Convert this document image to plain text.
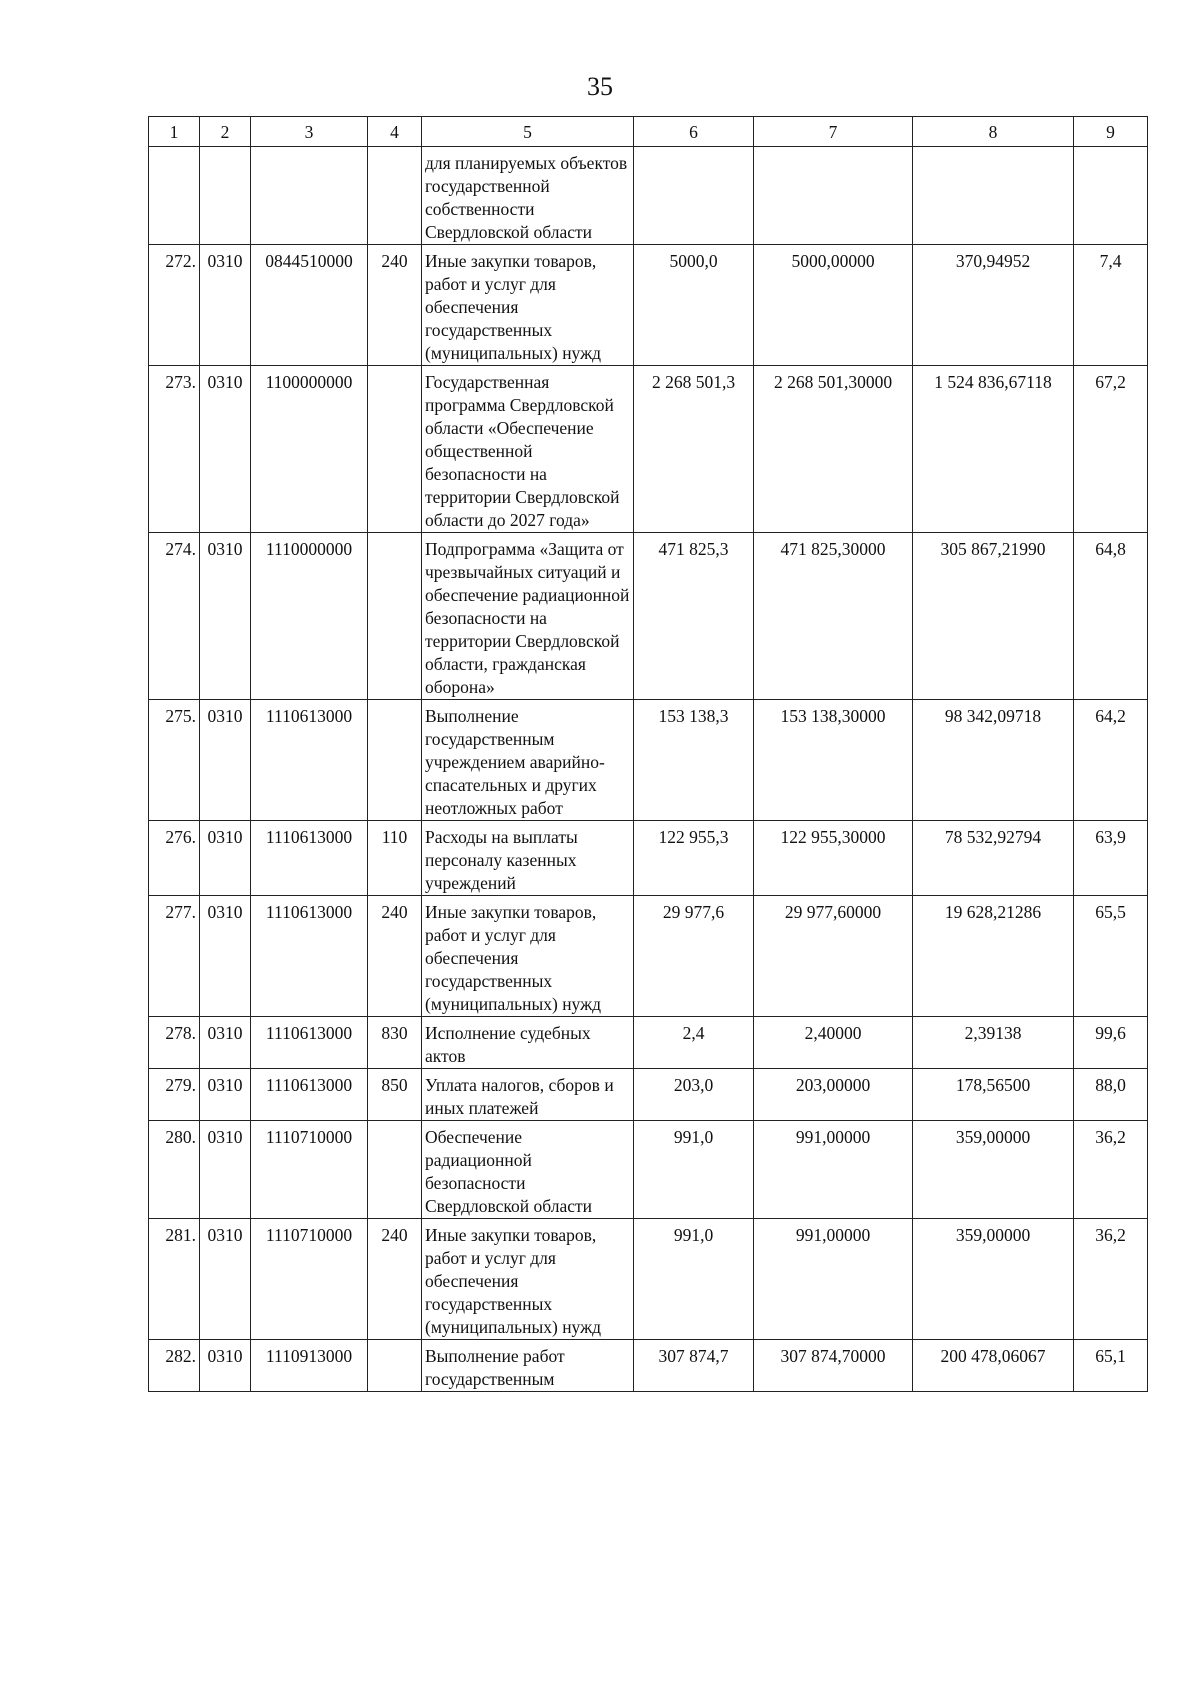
35
1	2	3	4	5	6	7	8	9
				для планируемых объектов государственной собственности Свердловской области				
272.	0310	0844510000	240	Иные закупки товаров, работ и услуг для обеспечения государственных (муниципальных) нужд	5000,0	5000,00000	370,94952	7,4
273.	0310	1100000000		Государственная программа Свердловской области «Обеспечение общественной безопасности на территории Свердловской области до 2027 года»	2 268 501,3	2 268 501,30000	1 524 836,67118	67,2
274.	0310	1110000000		Подпрограмма «Защита от чрезвычайных ситуаций и обеспечение радиационной безопасности на территории Свердловской области, гражданская оборона»	471 825,3	471 825,30000	305 867,21990	64,8
275.	0310	1110613000		Выполнение государственным учреждением аварийно-спасательных и других неотложных работ	153 138,3	153 138,30000	98 342,09718	64,2
276.	0310	1110613000	110	Расходы на выплаты персоналу казенных учреждений	122 955,3	122 955,30000	78 532,92794	63,9
277.	0310	1110613000	240	Иные закупки товаров, работ и услуг для обеспечения государственных (муниципальных) нужд	29 977,6	29 977,60000	19 628,21286	65,5
278.	0310	1110613000	830	Исполнение судебных актов	2,4	2,40000	2,39138	99,6
279.	0310	1110613000	850	Уплата налогов, сборов и иных платежей	203,0	203,00000	178,56500	88,0
280.	0310	1110710000		Обеспечение радиационной безопасности Свердловской области	991,0	991,00000	359,00000	36,2
281.	0310	1110710000	240	Иные закупки товаров, работ и услуг для обеспечения государственных (муниципальных) нужд	991,0	991,00000	359,00000	36,2
282.	0310	1110913000		Выполнение работ государственным	307 874,7	307 874,70000	200 478,06067	65,1
